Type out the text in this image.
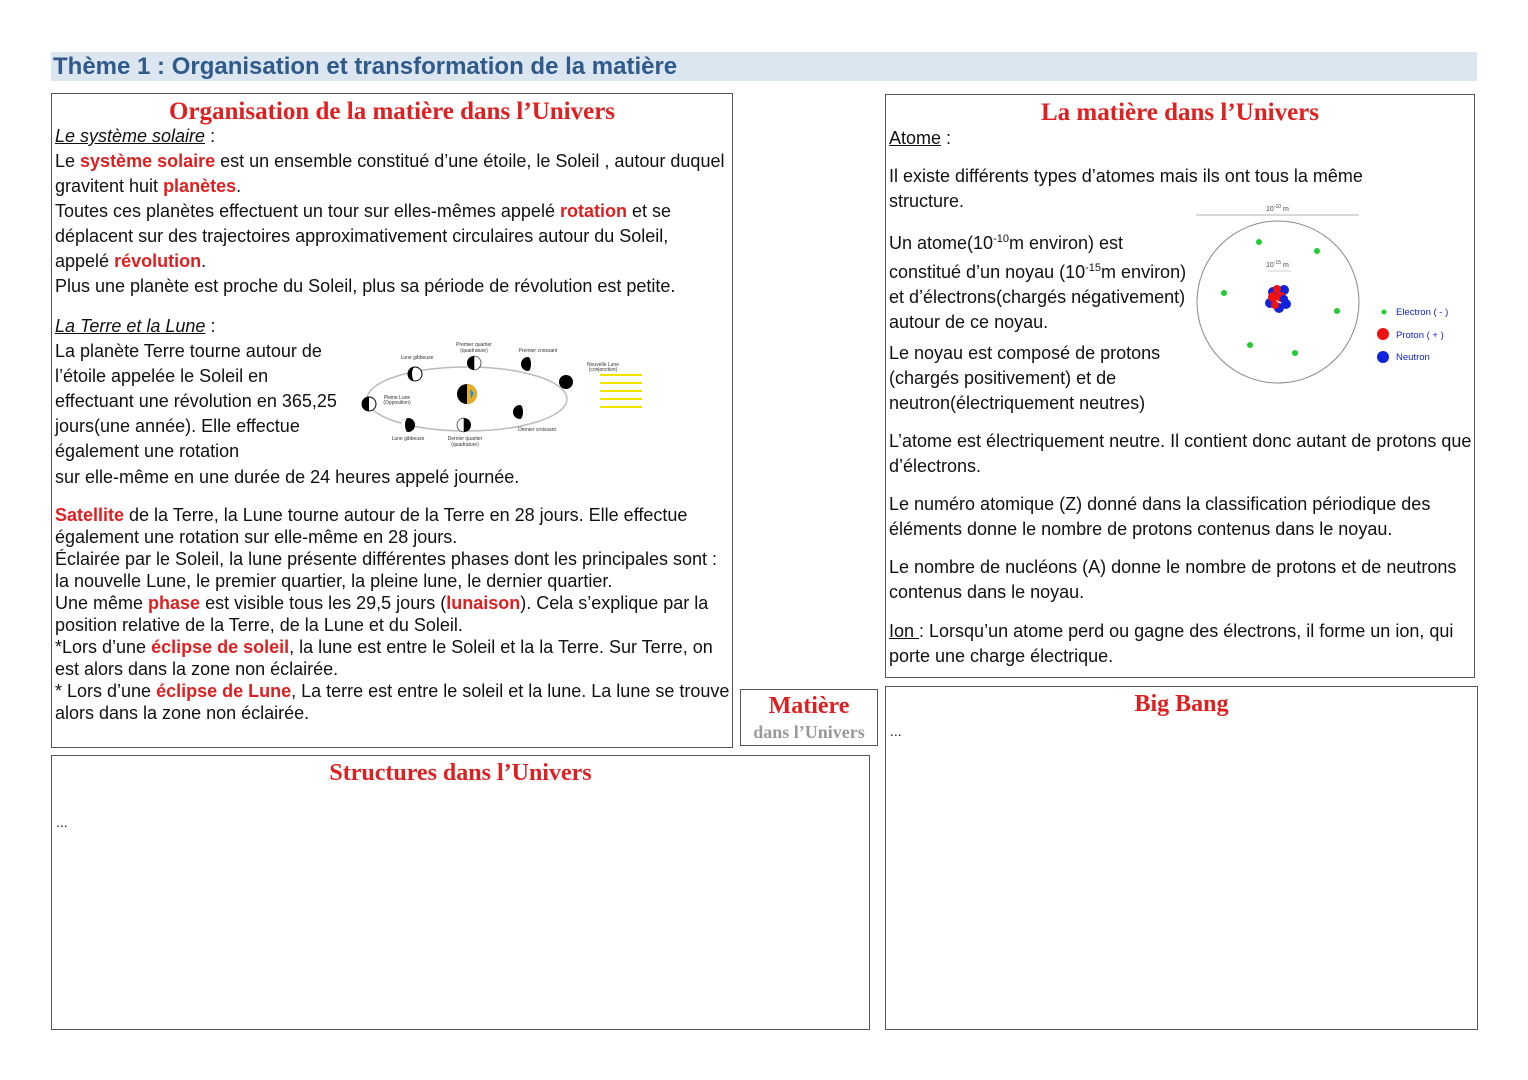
Thème 1 : Organisation et transformation de la matière
Organisation de la matière dans l’Univers

Le système solaire :

Le système solaire est un ensemble constitué d’une étoile, le Soleil , autour duquel gravitent huit planètes.

Toutes ces planètes effectuent un tour sur elles-mêmes appelé rotation et se déplacent sur des trajectoires approximativement circulaires autour du Soleil, appelé révolution.

Plus une planète est proche du Soleil, plus sa période de révolution est petite.

La Terre et la Lune :

La planète Terre tourne autour de l’étoile appelée le Soleil en effectuant une révolution en 365,25 jours(une année). Elle effectue également une rotation

sur elle-même en une durée de 24 heures appelé journée.
Premier quartier
(quadrature)
Lune gibbeuse
Premier croissant
Nouvelle Lune
(conjonction)
Pleine Lune
(Opposition)
Lune gibbeuse	Dernier quartier
(quadrature)
Dernier croissant

Satellite de la Terre, la Lune tourne autour de la Terre en 28 jours. Elle effectue également une rotation sur elle-même en 28 jours.

Éclairée par le Soleil, la lune présente différentes phases dont les principales sont : la nouvelle Lune, le premier quartier, la pleine lune, le dernier quartier.

Une même phase est visible tous les 29,5 jours (lunaison). Cela s’explique par la position relative de la Terre, de la Lune et du Soleil.

*Lors d’une éclipse de soleil, la lune est entre le Soleil et la la Terre. Sur Terre, on est alors dans la zone non éclairée.

* Lors d’une éclipse de Lune, La terre est entre le soleil et la lune. La lune se trouve alors dans la zone non éclairée.

La matière dans l’Univers
Atome :
Il existe différents types d’atomes mais ils ont tous la même structure.
Un $atome(10^{-10}m$ environ) est constitué d’un noyau ($10^{-15}m$ environ) et d’électrons(chargés négativement) autour de ce noyau.
Le noyau est composé de protons (chargés positivement) et de neutron(électriquement neutres)
L’atome est électriquement neutre. Il contient donc autant de protons que d’électrons.
Le numéro atomique (Z) donné dans la classification périodique des éléments donne le nombre de protons contenus dans le noyau.
Le nombre de nucléons (A) donne le nombre de protons et de neutrons contenus dans le noyau.
Ion : Lorsqu’un atome perd ou gagne des électrons, il forme un ion, qui porte une charge électrique.
$10^{-10}$ m
$10^{-15}$ m
Electron ( - )
Proton ( + )
Neutron
Matière
dans l’Univers
Structures dans l’Univers
...
Big Bang
...
